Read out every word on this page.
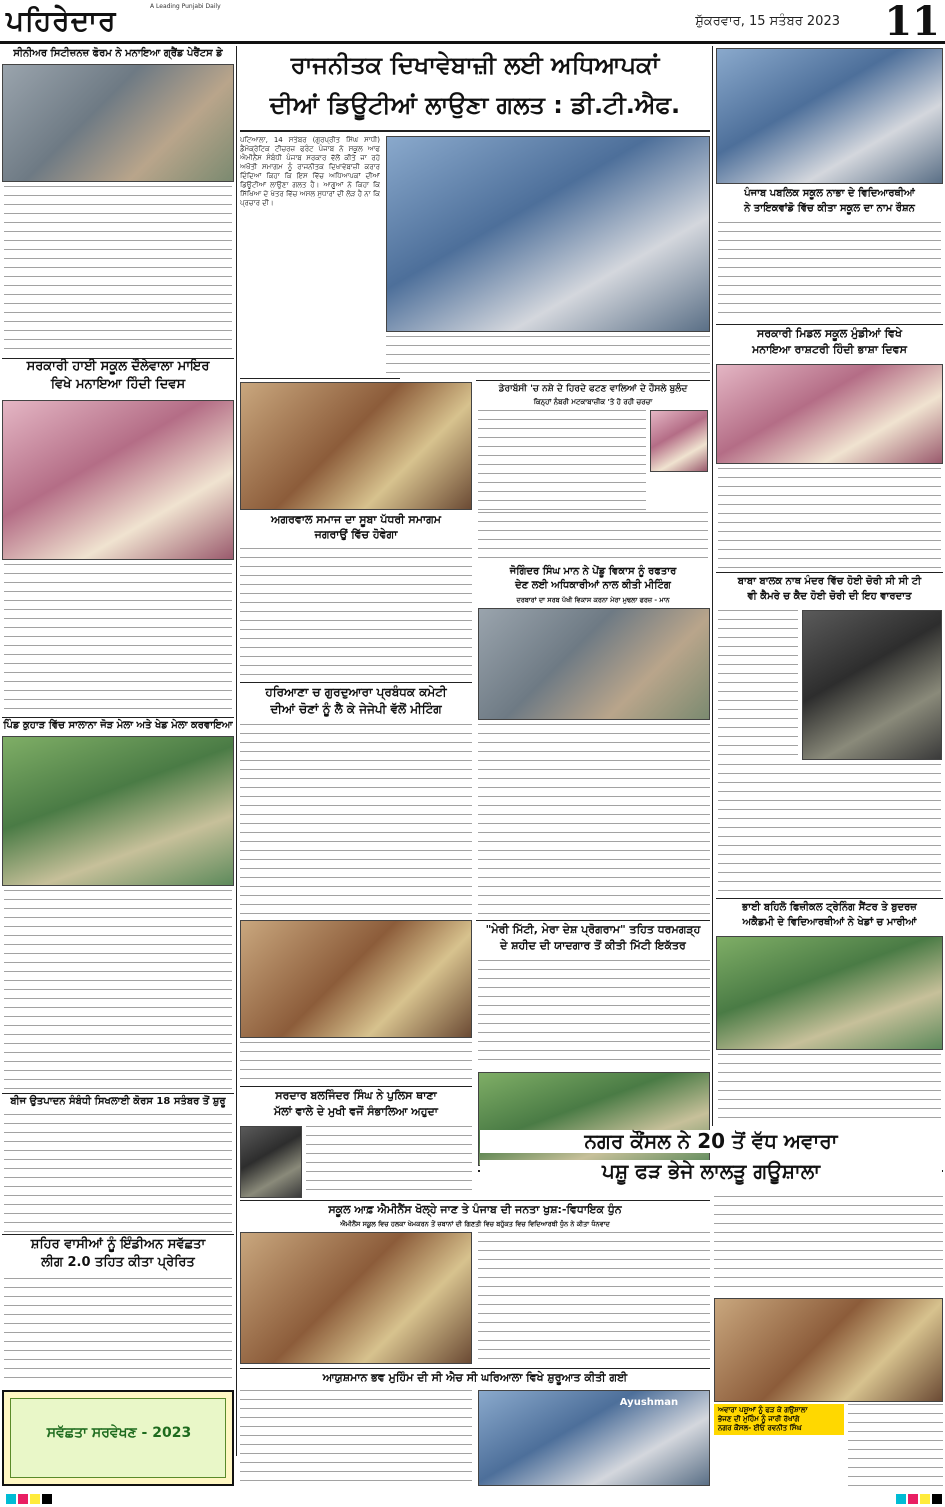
ਪਹਿਰੇਦਾਰ	A Leading Punjabi Daily
ਸ਼ੁੱਕਰਵਾਰ, 15 ਸਤੰਬਰ 2023	11
ਸੀਨੀਅਰ ਸਿਟੀਜ਼ਨਜ਼ ਫੋਰਮ ਨੇ ਮਨਾਇਆ ਗ੍ਰੈਂਡ ਪੇਰੈਂਟਸ ਡੇ
ਸਰਕਾਰੀ ਹਾਈ ਸਕੂਲ ਦੌਲੇਵਾਲਾ ਮਾਇਰ
ਵਿਖੇ ਮਨਾਇਆ ਹਿੰਦੀ ਦਿਵਸ
ਪਿੰਡ ਕੁਹਾੜ ਵਿੱਚ ਸਾਲਾਨਾ ਜੋੜ ਮੇਲਾ ਅਤੇ ਖੇਡ ਮੇਲਾ ਕਰਵਾਇਆ
ਬੀਜ ਉਤਪਾਦਨ ਸੰਬੰਧੀ ਸਿਖਲਾਈ ਕੋਰਸ 18 ਸਤੰਬਰ ਤੋਂ ਸ਼ੁਰੂ
ਸ਼ਹਿਰ ਵਾਸੀਆਂ ਨੂੰ ਇੰਡੀਅਨ ਸਵੱਛਤਾ
ਲੀਗ 2.0 ਤਹਿਤ ਕੀਤਾ ਪ੍ਰੇਰਿਤ
ਸਵੱਛਤਾ ਸਰਵੇਖਣ - 2023
ਰਾਜਨੀਤਕ ਦਿਖਾਵੇਬਾਜ਼ੀ ਲਈ ਅਧਿਆਪਕਾਂ
ਦੀਆਂ ਡਿਊਟੀਆਂ ਲਾਉਣਾ ਗਲਤ : ਡੀ.ਟੀ.ਐਫ.
ਪਟਿਆਲਾ, 14 ਸਤੰਬਰ (ਗੁਰਪ੍ਰੀਤ ਸਿੰਘ ਸਾਧੀ) ਡੈਮੋਕ੍ਰੇਟਿਕ ਟੀਚਰਜ਼ ਫਰੰਟ ਪੰਜਾਬ ਨੇ ਸਕੂਲ ਆਫ ਐਮੀਨੈਂਸ ਸੰਬੰਧੀ ਪੰਜਾਬ ਸਰਕਾਰ ਵੱਲੋਂ ਕੀਤੇ ਜਾ ਰਹੇ ਅਖੌਤੀ ਸਮਾਗਮ ਨੂੰ ਰਾਜਨੀਤਕ ਦਿਖਾਵੇਬਾਜ਼ੀ ਕਰਾਰ ਦਿੰਦਿਆਂ ਕਿਹਾ ਕਿ ਇਸ ਵਿੱਚ ਅਧਿਆਪਕਾਂ ਦੀਆਂ ਡਿਊਟੀਆਂ ਲਾਉਣਾ ਗਲਤ ਹੈ। ਆਗੂਆਂ ਨੇ ਕਿਹਾ ਕਿ ਸਿੱਖਿਆ ਦੇ ਖੇਤਰ ਵਿੱਚ ਅਸਲ ਸੁਧਾਰਾਂ ਦੀ ਲੋੜ ਹੈ ਨਾ ਕਿ ਪ੍ਰਚਾਰ ਦੀ।
ਅਗਰਵਾਲ ਸਮਾਜ ਦਾ ਸੂਬਾ ਪੱਧਰੀ ਸਮਾਗਮ
ਜਗਰਾਉਂ ਵਿੱਚ ਹੋਵੇਗਾ
ਡੇਰਾਬੱਸੀ 'ਚ ਨਸ਼ੇ ਦੇ ਹਿਰਦੇ ਫਟਣ ਵਾਲਿਆਂ ਦੇ ਹੌਸਲੇ ਬੁਲੰਦ
ਕਿਨ੍ਹਾਂ ਨੰਬਰੀ ਮਟਕਾਬਾਜ਼ੀਕ 'ਤੇ ਹੋ ਰਹੀ ਚਰਚਾ
ਜੋਗਿੰਦਰ ਸਿੰਘ ਮਾਨ ਨੇ ਪੇਂਡੂ ਵਿਕਾਸ ਨੂੰ ਰਫਤਾਰ
ਦੇਣ ਲਈ ਅਧਿਕਾਰੀਆਂ ਨਾਲ ਕੀਤੀ ਮੀਟਿੰਗ
ਦਰਬਾਰਾਂ ਦਾ ਸਰਬ ਪੱਖੀ ਵਿਕਾਸ ਕਰਨਾ ਮੇਰਾ ਮੁਢਲਾ ਫਰਜ਼ - ਮਾਨ
ਹਰਿਆਣਾ ਚ ਗੁਰਦੁਆਰਾ ਪ੍ਰਬੰਧਕ ਕਮੇਟੀ
ਦੀਆਂ ਚੋਣਾਂ ਨੂੰ ਲੈ ਕੇ ਜੇਜੇਪੀ ਵੱਲੋਂ ਮੀਟਿੰਗ
"ਮੇਰੀ ਮਿੱਟੀ, ਮੇਰਾ ਦੇਸ਼ ਪ੍ਰੋਗਰਾਮ" ਤਹਿਤ ਧਰਮਗੜ੍ਹ
ਦੇ ਸ਼ਹੀਦ ਦੀ ਯਾਦਗਾਰ ਤੋਂ ਕੀਤੀ ਮਿੱਟੀ ਇਕੱਤਰ
ਸਰਦਾਰ ਬਲਜਿੰਦਰ ਸਿੰਘ ਨੇ ਪੁਲਿਸ ਥਾਣਾ
ਮੱਲਾਂ ਵਾਲੇ ਦੇ ਮੁਖੀ ਵਜੋਂ ਸੰਭਾਲਿਆ ਅਹੁਦਾ
ਸਕੂਲ ਆਫ਼ ਐਮੀਨੈਂਸ ਖੋਲ੍ਹੇ ਜਾਣ ਤੇ ਪੰਜਾਬ ਦੀ ਜਨਤਾ ਖੁਸ਼:-ਵਿਧਾਇਕ ਧੁੰਨ
ਐਮੀਨੈਂਸ ਸਕੂਲ ਵਿਚ ਹਲਕਾ ਖੇਮਕਰਨ ਤੋਂ ਜ਼ਬਾਨਾਂ ਦੀ ਗਿਣਤੀ ਵਿਚ ਬਹੁੱਕਤ ਵਿਚ ਵਿਦਿਆਰਥੀ ਧੁੰਨ ਨੇ ਕੀਤਾ ਧੰਨਵਾਦ
ਆਯੁਸ਼ਮਾਨ ਭਵ ਮੁਹਿੰਮ ਦੀ ਸੀ ਐਚ ਸੀ ਘਰਿਆਲਾ ਵਿਖੇ ਸ਼ੁਰੂਆਤ ਕੀਤੀ ਗਈ
Ayushman
ਪੰਜਾਬ ਪਬਲਿਕ ਸਕੂਲ ਨਾਭਾ ਦੇ ਵਿਦਿਆਰਥੀਆਂ
ਨੇ ਤਾਇਕਵਾਂਡੋ ਵਿੱਚ ਕੀਤਾ ਸਕੂਲ ਦਾ ਨਾਮ ਰੌਸ਼ਨ
ਸਰਕਾਰੀ ਮਿਡਲ ਸਕੂਲ ਮੁੰਡੀਆਂ ਵਿਖੇ
ਮਨਾਇਆ ਰਾਸ਼ਟਰੀ ਹਿੰਦੀ ਭਾਸ਼ਾ ਦਿਵਸ
ਬਾਬਾ ਬਾਲਕ ਨਾਥ ਮੰਦਰ ਵਿੱਚ ਹੋਈ ਚੋਰੀ ਸੀ ਸੀ ਟੀ
ਵੀ ਕੈਮਰੇ ਚ ਕੈਦ ਹੋਈ ਚੋਰੀ ਦੀ ਇਹ ਵਾਰਦਾਤ
ਭਾਈ ਬਹਿਲੋ ਫਿਜ਼ੀਕਲ ਟ੍ਰੇਨਿੰਗ ਸੈਂਟਰ ਤੇ ਬੁਦਰਜ਼
ਅਕੈਡਮੀ ਦੇ ਵਿਦਿਆਰਥੀਆਂ ਨੇ ਖੇਡਾਂ ਚ ਮਾਰੀਆਂ
ਨਗਰ ਕੌਂਸਲ ਨੇ 20 ਤੋਂ ਵੱਧ ਅਵਾਰਾ
ਪਸ਼ੂ ਫੜ ਭੇਜੇ ਲਾਲੜੂ ਗਊਸ਼ਾਲਾ
ਅਵਾਰਾ ਪਸ਼ੂਆਂ ਨੂੰ ਫੜ ਕੇ ਗਉਸ਼ਾਲਾ
ਭੇਜਣ ਦੀ ਮੁਹਿੰਮ ਨੂੰ ਜਾਰੀ ਰੱਖਾਂਗੇ
ਨਗਰ ਕੌਂਸਲ- ਈਓ ਰਵਨੀਤ ਸਿੰਘ
